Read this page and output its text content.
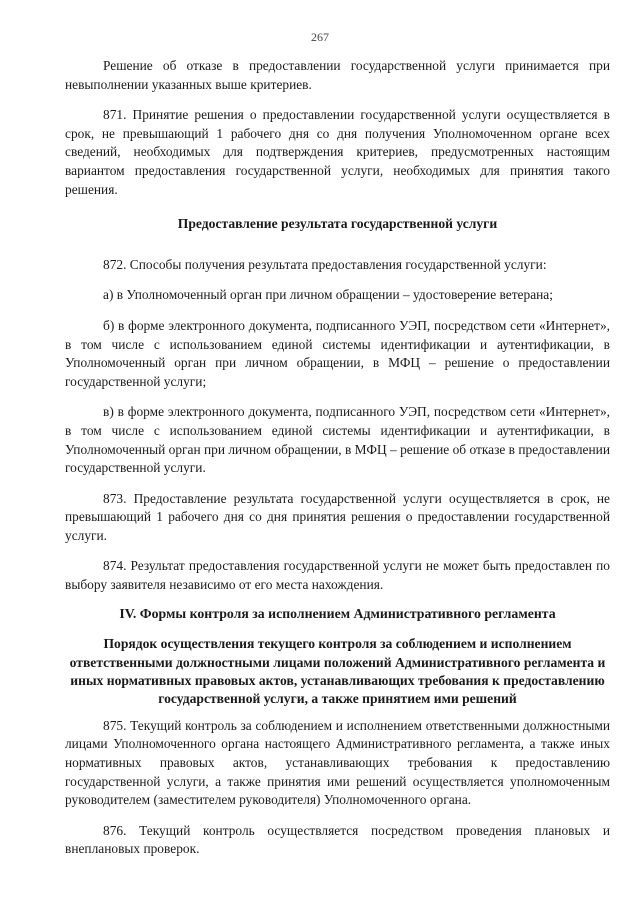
267

Решение об отказе в предоставлении государственной услуги принимается при невыполнении указанных выше критериев.

871. Принятие решения о предоставлении государственной услуги осуществляется в срок, не превышающий 1 рабочего дня со дня получения Уполномоченном органе всех сведений, необходимых для подтверждения критериев, предусмотренных настоящим вариантом предоставления государственной услуги, необходимых для принятия такого решения.

Предоставление результата государственной услуги

872. Способы получения результата предоставления государственной услуги:

а) в Уполномоченный орган при личном обращении – удостоверение ветерана;

б) в форме электронного документа, подписанного УЭП, посредством сети «Интернет», в том числе с использованием единой системы идентификации и аутентификации, в Уполномоченный орган при личном обращении, в МФЦ – решение о предоставлении государственной услуги;

в) в форме электронного документа, подписанного УЭП, посредством сети «Интернет», в том числе с использованием единой системы идентификации и аутентификации, в Уполномоченный орган при личном обращении, в МФЦ – решение об отказе в предоставлении государственной услуги.

873. Предоставление результата государственной услуги осуществляется в срок, не превышающий 1 рабочего дня со дня принятия решения о предоставлении государственной услуги.

874. Результат предоставления государственной услуги не может быть предоставлен по выбору заявителя независимо от его места нахождения.

IV. Формы контроля за исполнением Административного регламента

Порядок осуществления текущего контроля за соблюдением и исполнением ответственными должностными лицами положений Административного регламента и иных нормативных правовых актов, устанавливающих требования к предоставлению государственной услуги, а также принятием ими решений

875. Текущий контроль за соблюдением и исполнением ответственными должностными лицами Уполномоченного органа настоящего Административного регламента, а также иных нормативных правовых актов, устанавливающих требования к предоставлению государственной услуги, а также принятия ими решений осуществляется уполномоченным руководителем (заместителем руководителя) Уполномоченного органа.

876. Текущий контроль осуществляется посредством проведения плановых и внеплановых проверок.
